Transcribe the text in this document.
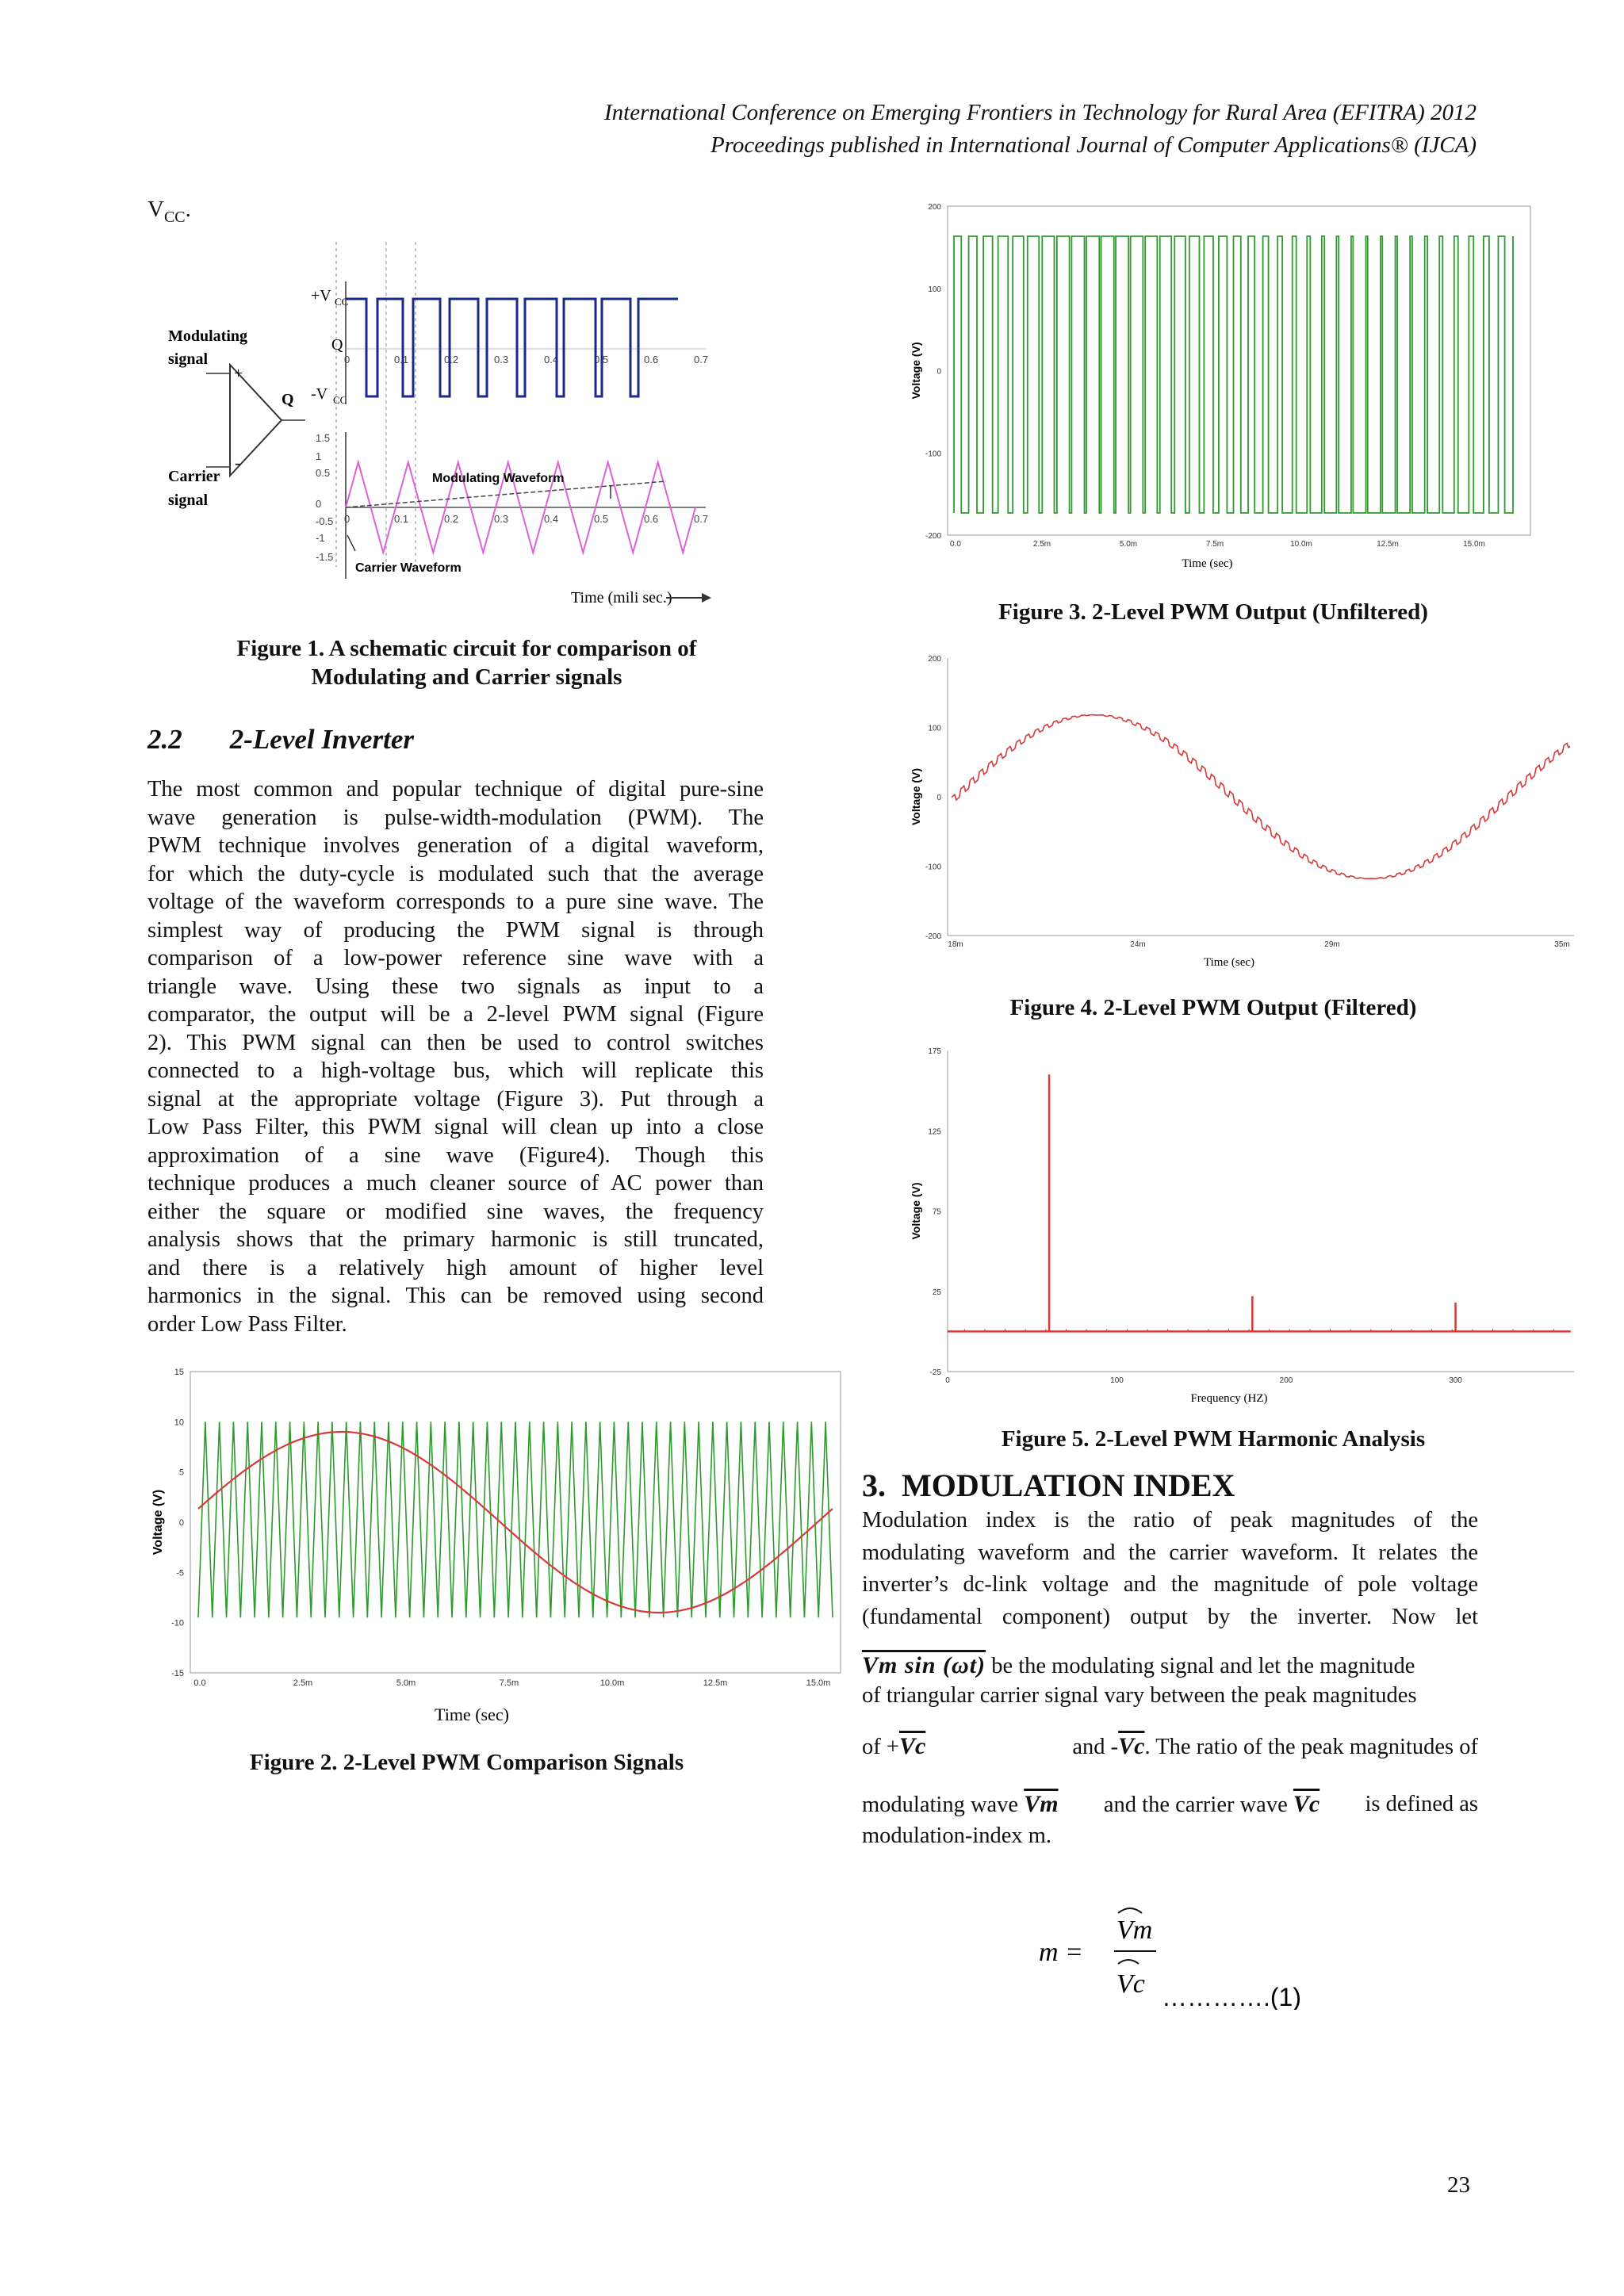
International Conference on Emerging Frontiers in Technology for Rural Area (EFITRA) 2012
Proceedings published in International Journal of Computer Applications® (IJCA)
$V_{CC}$.
+
-
Q
Modulating
signal
Carrier
signal
+V CC
Q
-V CC
0	0.1	0.2	0.3	0.4	0.5	0.6	0.7
1.5
1
0.5
0
-0.5
-1
-1.5
0	0.1	0.2	0.3	0.4	0.5	0.6	0.7
Modulating Waveform
Carrier Waveform
Time (mili sec.)
Figure 1. A schematic circuit for comparison of
Modulating and Carrier signals
2.2 2-Level Inverter
The most common and popular technique of digital pure-sine
wave generation is pulse-width-modulation (PWM). The
PWM technique involves generation of a digital waveform,
for which the duty-cycle is modulated such that the average
voltage of the waveform corresponds to a pure sine wave. The
simplest way of producing the PWM signal is through
comparison of a low-power reference sine wave with a
triangle wave. Using these two signals as input to a
comparator, the output will be a 2-level PWM signal (Figure
2). This PWM signal can then be used to control switches
connected to a high-voltage bus, which will replicate this
signal at the appropriate voltage (Figure 3). Put through a
Low Pass Filter, this PWM signal will clean up into a close
approximation of a sine wave (Figure4). Though this
technique produces a much cleaner source of AC power than
either the square or modified sine waves, the frequency
analysis shows that the primary harmonic is still truncated,
and there is a relatively high amount of higher level
harmonics in the signal. This can be removed using second
order Low Pass Filter.
15
10
5
0
-5
-10
-15
0.0	2.5m	5.0m	7.5m	10.0m	12.5m	15.0m
Voltage (V)
Time (sec)
Figure 2. 2-Level PWM Comparison Signals
200
100
0
-100
-200
0.0	2.5m	5.0m	7.5m	10.0m	12.5m	15.0m
Voltage (V)
Time (sec)
Figure 3. 2-Level PWM Output (Unfiltered)
200
100
0
-100
-200
18m	24m	29m	35m
Voltage (V)
Time (sec)
Figure 4. 2-Level PWM Output (Filtered)
175
125
75
25
-25
0	100	200	300
Voltage (V)
Frequency (HZ)
Figure 5. 2-Level PWM Harmonic Analysis
3. MODULATION INDEX
Modulation index is the ratio of peak magnitudes of the
modulating waveform and the carrier waveform. It relates the
inverter’s dc-link voltage and the magnitude of pole voltage
(fundamental component) output by the inverter. Now let
Vm sin (ωt) be the modulating signal and let the magnitude
of triangular carrier signal vary between the peak magnitudes
of $+\overline{Vc}$	and $-\overline{Vc}$. The ratio of the peak magnitudes of
modulating wave $\overline{Vm}$ and the carrier wave $\overline{Vc}$ is defined as
modulation-index m.
m =
Vm
Vc ………….(1)
23
